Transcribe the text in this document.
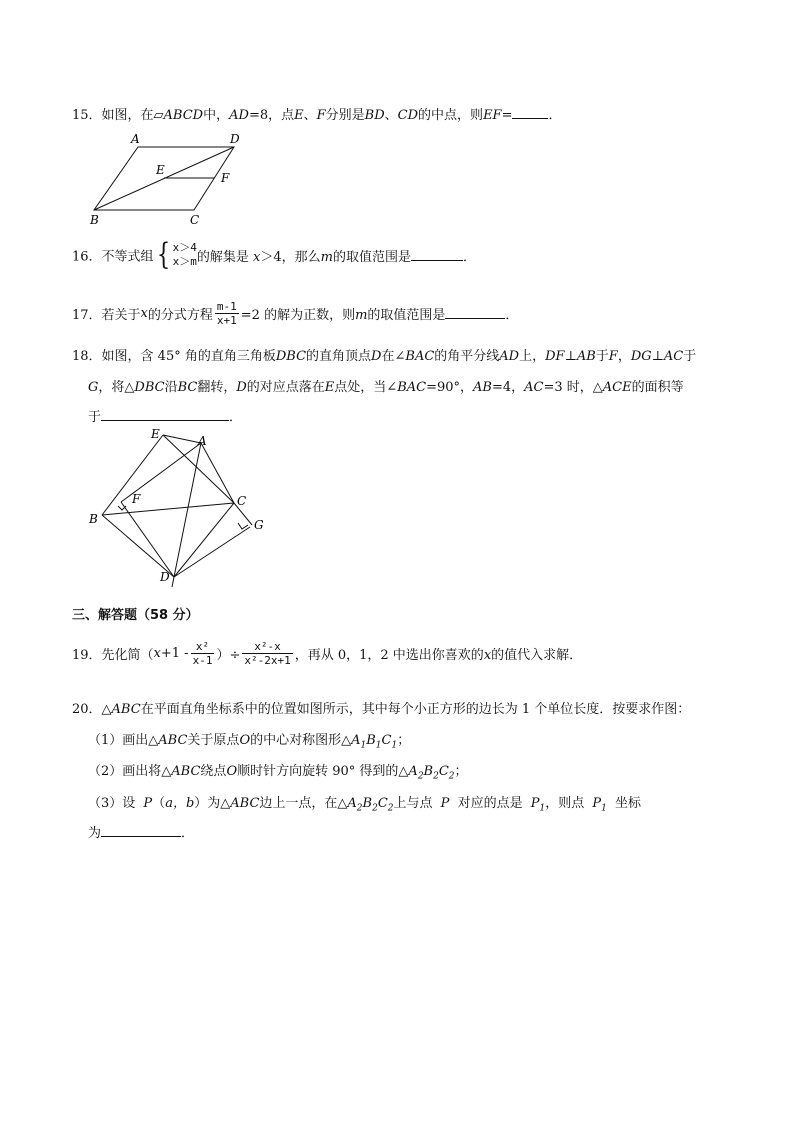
15．如图，在▱ABCD中，AD=8，点E、F分别是BD、CD的中点，则EF=	．
A	D
E
F
B	C
16．不等式组{ x＞4
x＞m 的解集是 x＞4，那么m的取值范围是	．
17．若关于x的分式方程 $\frac{m-1}{x+1} =2$ 的解为正数，则m的取值范围是	．
18．如图，含 45° 角的直角三角板DBC的直角顶点D在∠BAC的角平分线AD上，DF⊥AB于F，DG⊥AC于
G，将△DBC沿BC翻转，D的对应点落在E点处，当∠BAC=90°，AB=4，AC=3 时，△ACE的面积等
于	．
E	A
F	C
B	G
D
三、解答题（58 分）
19．先化简（$x+1 - \frac{\text{x²}}{x-1}$ ）÷ $\frac{\text{x²-x}}{\text{x²-2x+1}}$ ，再从 0，1，2 中选出你喜欢的x的值代入求解．
20．△ABC在平面直角坐标系中的位置如图所示，其中每个小正方形的边长为 1 个单位长度．按要求作图：
（1）画出△ABC关于原点O的中心对称图形$\triangle A_1B_1C_1$；
（2）画出将△ABC绕点O顺时针方向旋转 90° 得到的$\triangle A_2B_2C_2$；
（3）设 P（a，b）为△ABC边上一点，在$\triangle A_2B_2C_2$上与点 P 对应的点是 $P_1$，则点 $P_1$ 坐标
为	．
